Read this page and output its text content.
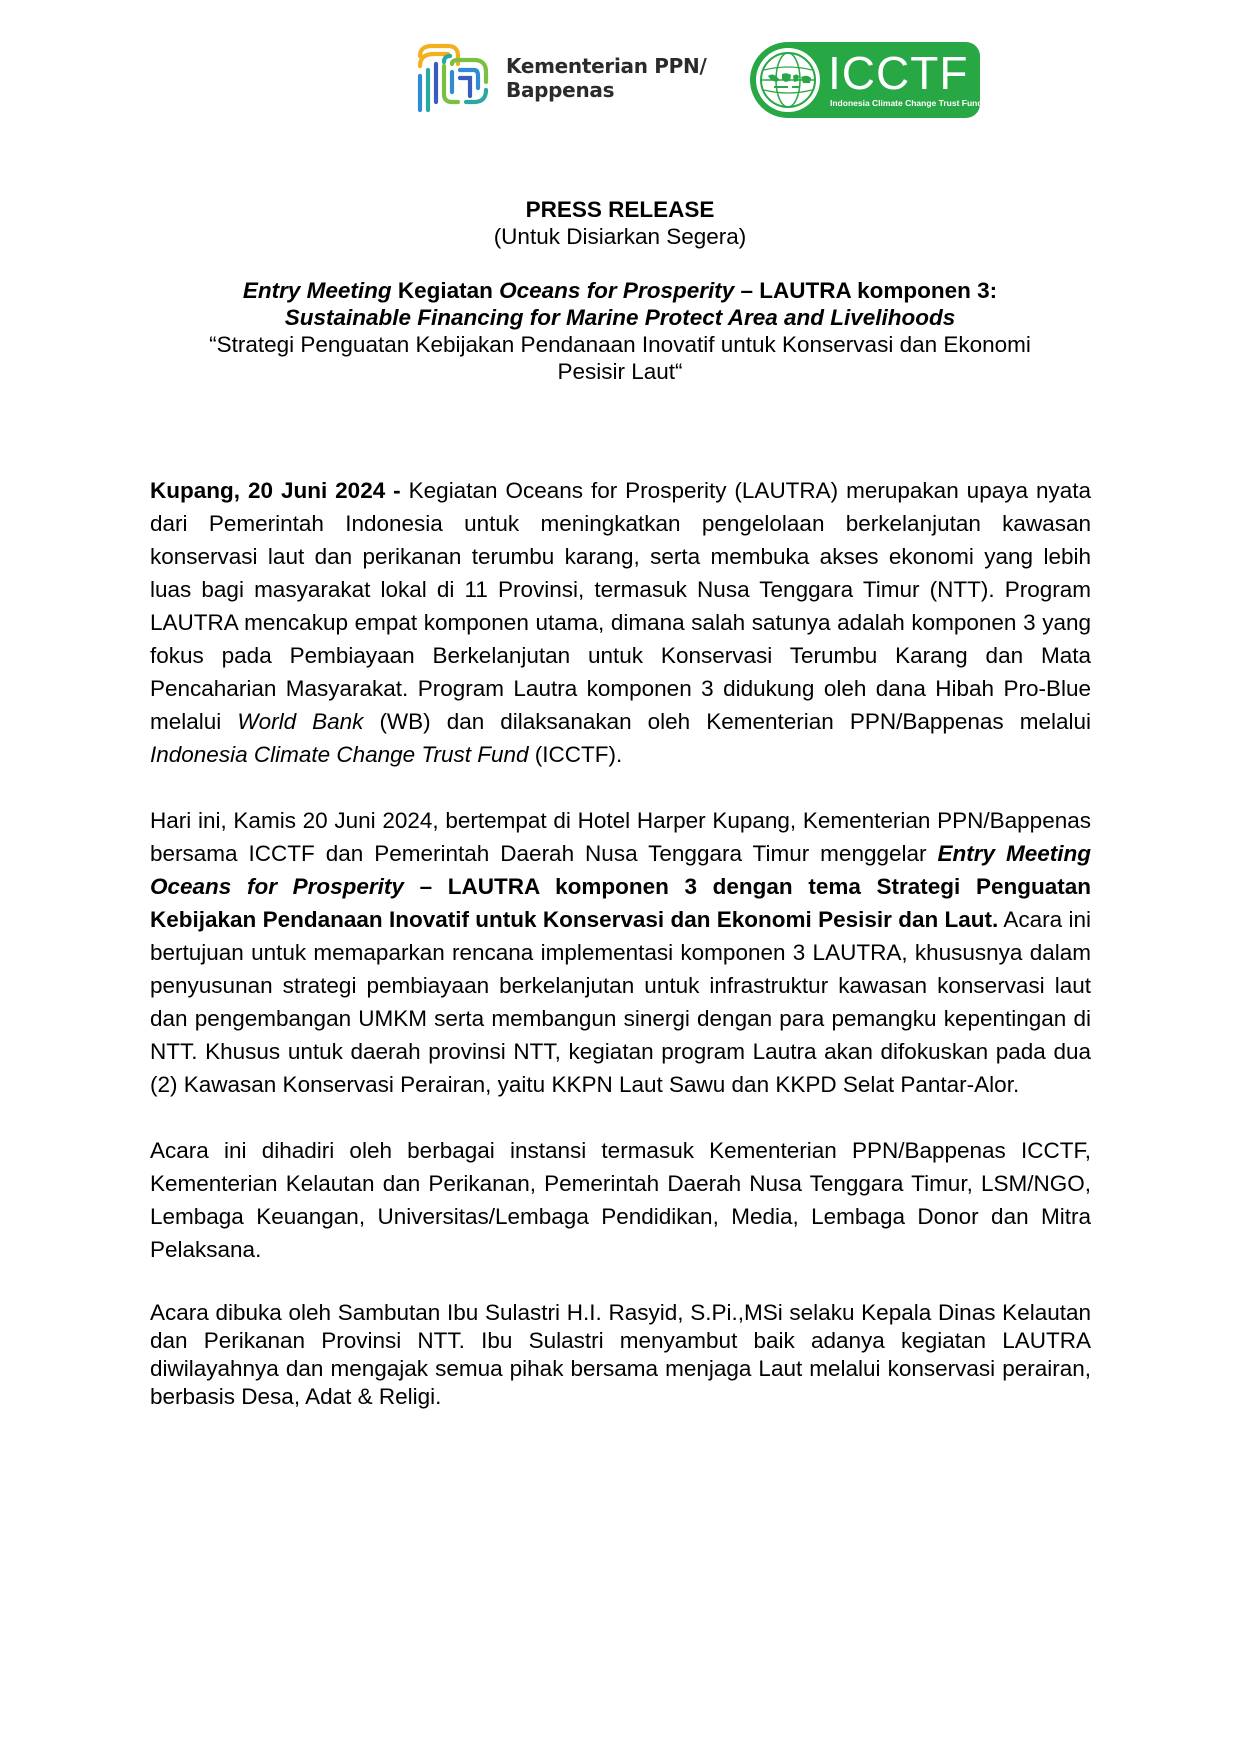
Kementerian PPN/
Bappenas	ICCTF
Indonesia Climate Change Trust Fund

PRESS RELEASE

(Untuk Disiarkan Segera)

Entry Meeting Kegiatan Oceans for Prosperity – LAUTRA komponen 3:

Sustainable Financing for Marine Protect Area and Livelihoods

“Strategi Penguatan Kebijakan Pendanaan Inovatif untuk Konservasi dan Ekonomi

Pesisir Laut“

Kupang, 20 Juni 2024 - Kegiatan Oceans for Prosperity (LAUTRA) merupakan upaya nyata dari Pemerintah Indonesia untuk meningkatkan pengelolaan berkelanjutan kawasan konservasi laut dan perikanan terumbu karang, serta membuka akses ekonomi yang lebih luas bagi masyarakat lokal di 11 Provinsi, termasuk Nusa Tenggara Timur (NTT). Program LAUTRA mencakup empat komponen utama, dimana salah satunya adalah komponen 3 yang fokus pada Pembiayaan Berkelanjutan untuk Konservasi Terumbu Karang dan Mata Pencaharian Masyarakat. Program Lautra komponen 3 didukung oleh dana Hibah Pro-Blue melalui World Bank (WB) dan dilaksanakan oleh Kementerian PPN/Bappenas melalui Indonesia Climate Change Trust Fund (ICCTF).

Hari ini, Kamis 20 Juni 2024, bertempat di Hotel Harper Kupang, Kementerian PPN/Bappenas bersama ICCTF dan Pemerintah Daerah Nusa Tenggara Timur menggelar Entry Meeting Oceans for Prosperity – LAUTRA komponen 3 dengan tema Strategi Penguatan Kebijakan Pendanaan Inovatif untuk Konservasi dan Ekonomi Pesisir dan Laut. Acara ini bertujuan untuk memaparkan rencana implementasi komponen 3 LAUTRA, khususnya dalam penyusunan strategi pembiayaan berkelanjutan untuk infrastruktur kawasan konservasi laut dan pengembangan UMKM serta membangun sinergi dengan para pemangku kepentingan di NTT. Khusus untuk daerah provinsi NTT, kegiatan program Lautra akan difokuskan pada dua (2) Kawasan Konservasi Perairan, yaitu KKPN Laut Sawu dan KKPD Selat Pantar-Alor.

Acara ini dihadiri oleh berbagai instansi termasuk Kementerian PPN/Bappenas ICCTF, Kementerian Kelautan dan Perikanan, Pemerintah Daerah Nusa Tenggara Timur, LSM/NGO, Lembaga Keuangan, Universitas/Lembaga Pendidikan, Media, Lembaga Donor dan Mitra Pelaksana.

Acara dibuka oleh Sambutan Ibu Sulastri H.I. Rasyid, S.Pi.,MSi selaku Kepala Dinas Kelautan dan Perikanan Provinsi NTT. Ibu Sulastri menyambut baik adanya kegiatan LAUTRA diwilayahnya dan mengajak semua pihak bersama menjaga Laut melalui konservasi perairan, berbasis Desa, Adat & Religi.
